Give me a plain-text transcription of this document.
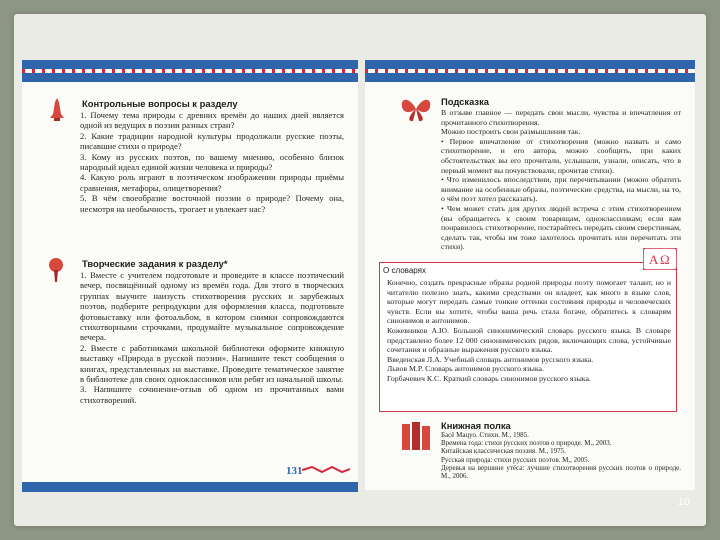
Контрольные вопросы к разделу

1. Почему тема природы с древних времён до наших дней является одной из ведущих в поэзии разных стран?

2. Какие традиции народной культуры продолжали русские поэты, писавшие стихи о природе?

3. Кому из русских поэтов, по вашему мнению, особенно близок народный идеал единой жизни человека и природы?

4. Какую роль играют в поэтическом изображении природы приёмы сравнения, метафоры, олицетворения?

5. В чём своеобразие восточной поэзии о природе? Почему она, несмотря на необычность, трогает и увлекает нас?

Творческие задания к разделу*

1. Вместе с учителем подготовьте и проведите в классе поэтический вечер, посвящённый одному из времён года. Для этого в творческих группах выучите наизусть стихотворения русских и зарубежных поэтов, подберите репродукции для оформления класса, подготовьте фотовыставку или фотоальбом, в котором снимки сопровождаются стихотворными строчками, продумайте музыкальное сопровождение вечера.

2. Вместе с работниками школьной библиотеки оформите книжную выставку «Природа в русской поэзии». Напишите текст сообщения о книгах, представленных на выставке. Проведите тематическое занятие в библиотеке для своих одноклассников или ребят из начальной школы.

3. Напишите сочинение-отзыв об одном из прочитанных вами стихотворений.

131
Подсказка

В отзыве главное — передать свои мысли, чувства и впечатления от прочитанного стихотворения.

Можно построить свои размышления так.

• Первое впечатление от стихотворения (можно назвать и само стихотворение, и его автора, можно сообщить, при каких обстоятельствах вы его прочитали, услышали, узнали, описать, что в первый момент вы почувствовали, прочитав стихи).

• Что изменилось впоследствии, при перечитывании (можно обратить внимание на особенные образы, поэтические средства, на мысли, на то, о чём поэт хотел рассказать).

• Чем может стать для других людей встреча с этим стихотворением (вы обращаетесь к своим товарищам, одноклассникам; если вам понравилось стихотворение, постарайтесь передать своим сверстникам, сделать так, чтобы им тоже захотелось прочитать или перечитать эти стихи).

О словарях
A Ω

Конечно, создать прекрасные образы родной природы поэту помогает талант, но и читателю полезно знать, какими средствами он владеет, как много в языке слов, которые могут передать самые тонкие оттенки состояния природы и человеческих чувств. Если вы хотите, чтобы ваша речь стала богаче, обратитесь к словарям синонимов и антонимов.

Кожевников А.Ю. Большой синонимический словарь русского языка. В словаре представлено более 12 000 синонимических рядов, включающих слова, устойчивые сочетания и образные выражения русского языка.

Введенская Л.А. Учебный словарь антонимов русского языка.

Львов М.Р. Словарь антонимов русского языка.

Горбачевич К.С. Краткий словарь синонимов русского языка.

Книжная полка

Басё Мацуо. Стихи. М., 1985.

Времена года: стихи русских поэтов о природе. М., 2003.

Китайская классическая поэзия. М., 1975.

Русская природа: стихи русских поэтов. М., 2005.

Деревья на вершине утёса: лучшие стихотворения русских поэтов о природе. М., 2006.

10
